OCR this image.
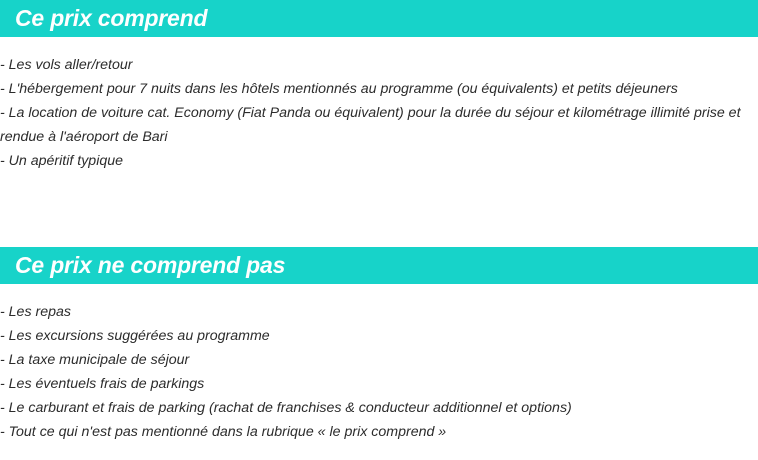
Ce prix comprend
- Les vols aller/retour
- L'hébergement pour 7 nuits dans les hôtels mentionnés au programme (ou équivalents) et petits déjeuners
- La location de voiture cat. Economy (Fiat Panda ou équivalent) pour la durée du séjour et kilométrage illimité prise et rendue à l'aéroport de Bari
- Un apéritif typique
Ce prix ne comprend pas
- Les repas
- Les excursions suggérées au programme
- La taxe municipale de séjour
- Les éventuels frais de parkings
- Le carburant et frais de parking (rachat de franchises & conducteur additionnel et options)
- Tout ce qui n'est pas mentionné dans la rubrique « le prix comprend »
